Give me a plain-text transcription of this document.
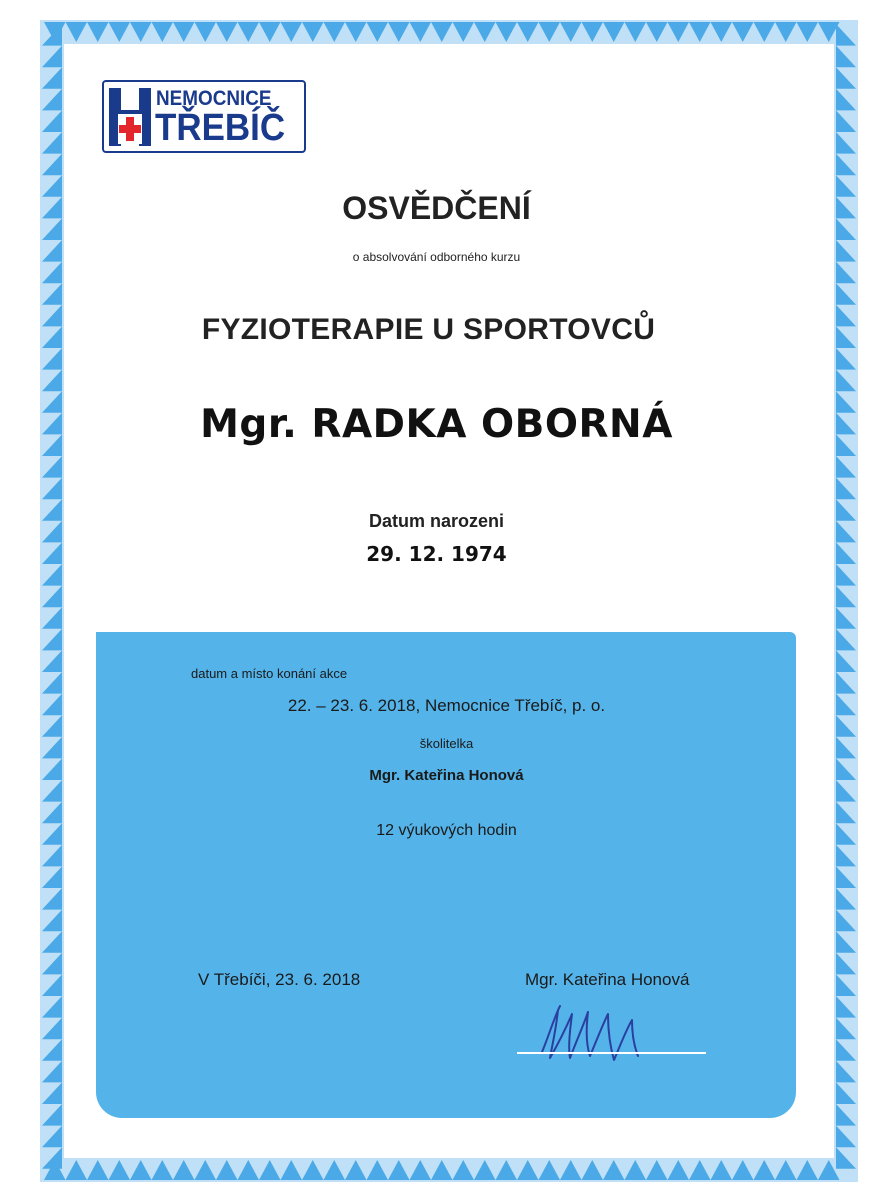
NEMOCNICE
TŘEBÍČ
OSVĚDČENÍ
o absolvování odborného kurzu
FYZIOTERAPIE U SPORTOVCŮ
Mgr. RADKA OBORNÁ
Datum narozeni
29. 12. 1974
datum a místo konání akce
22. – 23. 6. 2018, Nemocnice Třebíč, p. o.
školitelka
Mgr. Kateřina Honová
12 výukových hodin
V Třebíči, 23. 6. 2018	Mgr. Kateřina Honová
